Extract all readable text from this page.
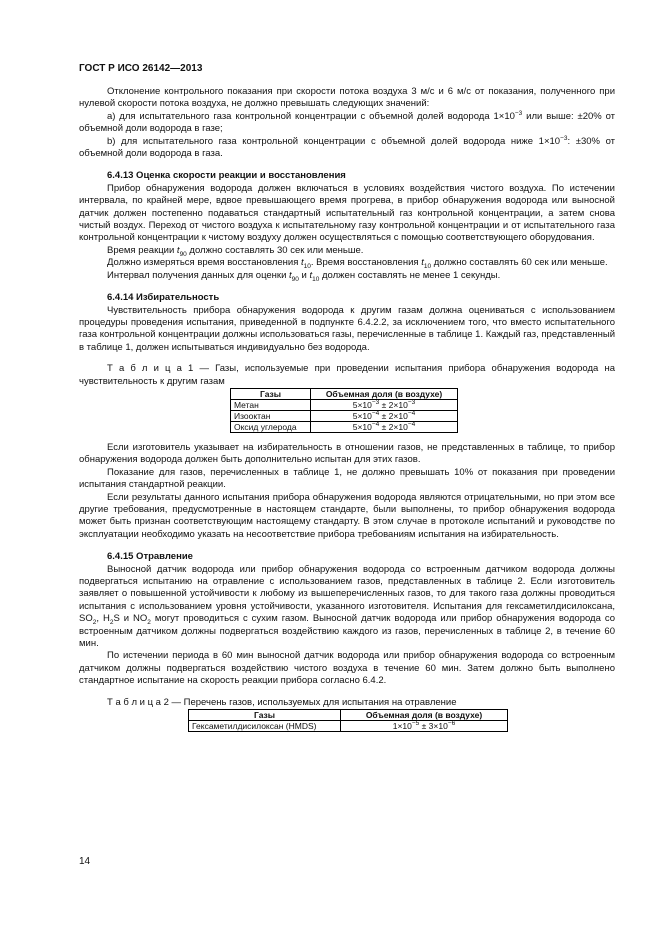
ГОСТ Р ИСО 26142—2013

Отклонение контрольного показания при скорости потока воздуха 3 м/с и 6 м/с от показания, полученного при нулевой скорости потока воздуха, не должно превышать следующих значений:

a) для испытательного газа контрольной концентрации с объемной долей водорода $1\times 10^{-3}$ или выше: ±20% от объемной доли водорода в газе;

b) для испытательного газа контрольной концентрации с объемной долей водорода ниже $1\times 10^{-3}$: ±30% от объемной доли водорода в газа.

6.4.13 Оценка скорости реакции и восстановления

Прибор обнаружения водорода должен включаться в условиях воздействия чистого воздуха. По истечении интервала, по крайней мере, вдвое превышающего время прогрева, в прибор обнаружения водорода или выносной датчик должен постепенно подаваться стандартный испытательный газ контрольной концентрации, а затем снова чистый воздух. Переход от чистого воздуха к испытательному газу контрольной концентрации и от испытательного газа контрольной концентрации к чистому воздуху должен осуществляться с помощью соответствующего оборудования.

Время реакции $t_{90}$ должно составлять 30 сек или меньше.

Должно измеряться время восстановления $t_{10}$. Время восстановления $t_{10}$ должно составлять 60 сек или меньше.

Интервал получения данных для оценки $t_{90}$ и $t_{10}$ должен составлять не менее 1 секунды.

6.4.14 Избирательность

Чувствительность прибора обнаружения водорода к другим газам должна оцениваться с использованием процедуры проведения испытания, приведенной в подпункте 6.4.2.2, за исключением того, что вместо испытательного газа контрольной концентрации должны использоваться газы, перечисленные в таблице 1. Каждый газ, представленный в таблице 1, должен испытываться индивидуально без водорода.

Т а б л и ц а 1 — Газы, используемые при проведении испытания прибора обнаружения водорода на чувствительность к другим газам

Газы	Объемная доля (в воздухе)
Метан	$5\times 10^{-3} \pm 2\times 10^{-3}$
Изооктан	$5\times 10^{-4} \pm 2\times 10^{-4}$
Оксид углерода	$5\times 10^{-4} \pm 2\times 10^{-4}$

Если изготовитель указывает на избирательность в отношении газов, не представленных в таблице, то прибор обнаружения водорода должен быть дополнительно испытан для этих газов.

Показание для газов, перечисленных в таблице 1, не должно превышать 10% от показания при проведении испытания стандартной реакции.

Если результаты данного испытания прибора обнаружения водорода являются отрицательными, но при этом все другие требования, предусмотренные в настоящем стандарте, были выполнены, то прибор обнаружения водорода может быть признан соответствующим настоящему стандарту. В этом случае в протоколе испытаний и руководстве по эксплуатации необходимо указать на несоответствие прибора требованиям испытания на избирательность.

6.4.15 Отравление

Выносной датчик водорода или прибор обнаружения водорода со встроенным датчиком водорода должны подвергаться испытанию на отравление с использованием газов, представленных в таблице 2. Если изготовитель заявляет о повышенной устойчивости к любому из вышеперечисленных газов, то для такого газа должны проводиться испытания с использованием уровня устойчивости, указанного изготовителя. Испытания для гексаметилдисилоксана, $SO_2$, $H_2S$ и $NO_2$ могут проводиться с сухим газом. Выносной датчик водорода или прибор обнаружения водорода со встроенным датчиком должны подвергаться воздействию каждого из газов, перечисленных в таблице 2, в течение 60 мин.

По истечении периода в 60 мин выносной датчик водорода или прибор обнаружения водорода со встроенным датчиком должны подвергаться воздействию чистого воздуха в течение 60 мин. Затем должно быть выполнено стандартное испытание на скорость реакции прибора согласно 6.4.2.

Т а б л и ц а 2 — Перечень газов, используемых для испытания на отравление

Газы	Объемная доля (в воздухе)
Гексаметилдисилоксан (HMDS)	$1\times 10^{-5} \pm 3\times 10^{-6}$
14
